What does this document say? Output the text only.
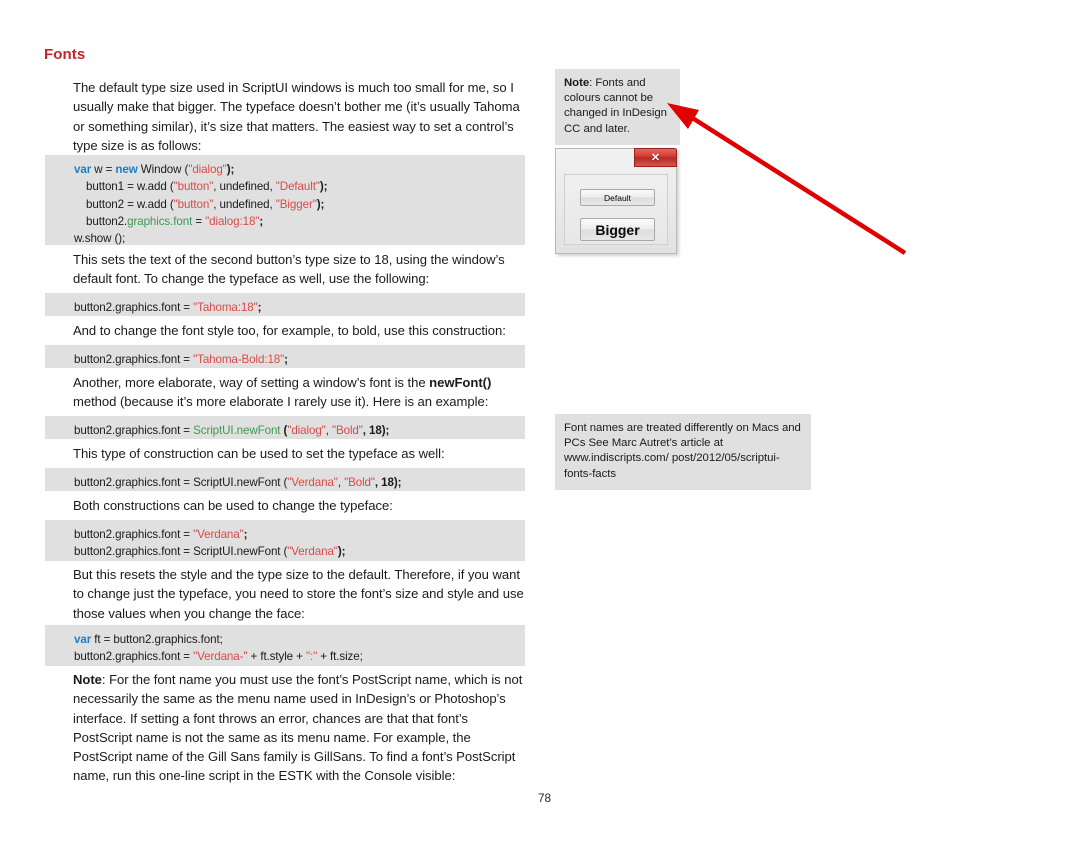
Fonts
The default type size used in ScriptUI windows is much too small for me, so I usually make that bigger. The typeface doesn’t bother me (it’s usually Tahoma or something similar), it’s size that matters. The easiest way to set a control’s type size is as follows:
var w = new Window ("dialog");
button1 = w.add ("button", undefined, "Default");
button2 = w.add ("button", undefined, "Bigger");
button2.graphics.font = "dialog:18";
w.show ();
This sets the text of the second button’s type size to 18, using the window’s default font. To change the typeface as well, use the following:
button2.graphics.font = "Tahoma:18";
And to change the font style too, for example, to bold, use this construction:
button2.graphics.font = "Tahoma-Bold:18";
Another, more elaborate, way of setting a window’s font is the newFont() method (because it’s more elaborate I rarely use it). Here is an example:
button2.graphics.font = ScriptUI.newFont ("dialog", "Bold", 18);
This type of construction can be used to set the typeface as well:
button2.graphics.font = ScriptUI.newFont ("Verdana", "Bold", 18);
Both constructions can be used to change the typeface:
button2.graphics.font = "Verdana";
button2.graphics.font = ScriptUI.newFont ("Verdana");
But this resets the style and the type size to the default. Therefore, if you want to change just the typeface, you need to store the font’s size and style and use those values when you change the face:
var ft = button2.graphics.font;
button2.graphics.font = "Verdana-" + ft.style + ":" + ft.size;
Note: For the font name you must use the font’s PostScript name, which is not necessarily the same as the menu name used in InDesign’s or Photoshop’s interface. If setting a font throws an error, chances are that that font’s PostScript name is not the same as its menu name. For example, the PostScript name of the Gill Sans family is GillSans. To find a font’s PostScript name, run this one-line script in the ESTK with the Console visible:
Note: Fonts and colours cannot be changed in InDesign CC and later.
Font names are treated differently on Macs and PCs See Marc Autret’s article at www.indiscripts.com/ post/2012/05/scriptui-fonts-facts
✕
Default
Bigger
78
